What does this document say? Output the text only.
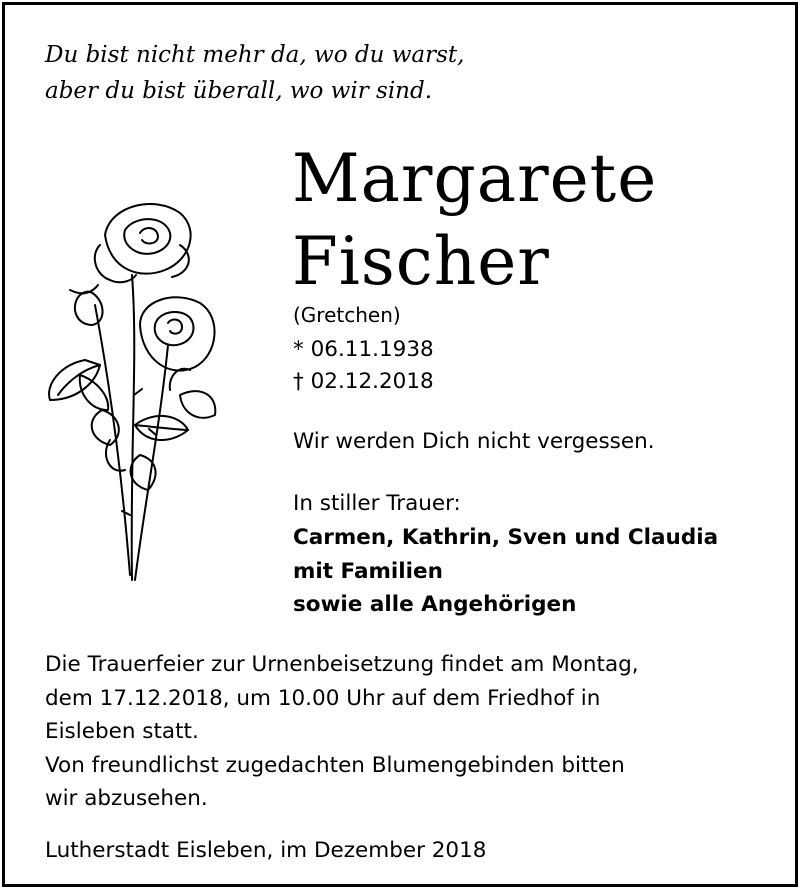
Du bist nicht mehr da, wo du warst,
aber du bist überall, wo wir sind.
Margarete
Fischer
(Gretchen)
* 06.11.1938
† 02.12.2018
Wir werden Dich nicht vergessen.
In stiller Trauer:
Carmen, Kathrin, Sven und Claudia
mit Familien
sowie alle Angehörigen
Die Trauerfeier zur Urnenbeisetzung findet am Montag,
dem 17.12.2018, um 10.00 Uhr auf dem Friedhof in
Eisleben statt.
Von freundlichst zugedachten Blumengebinden bitten
wir abzusehen.
Lutherstadt Eisleben, im Dezember 2018
